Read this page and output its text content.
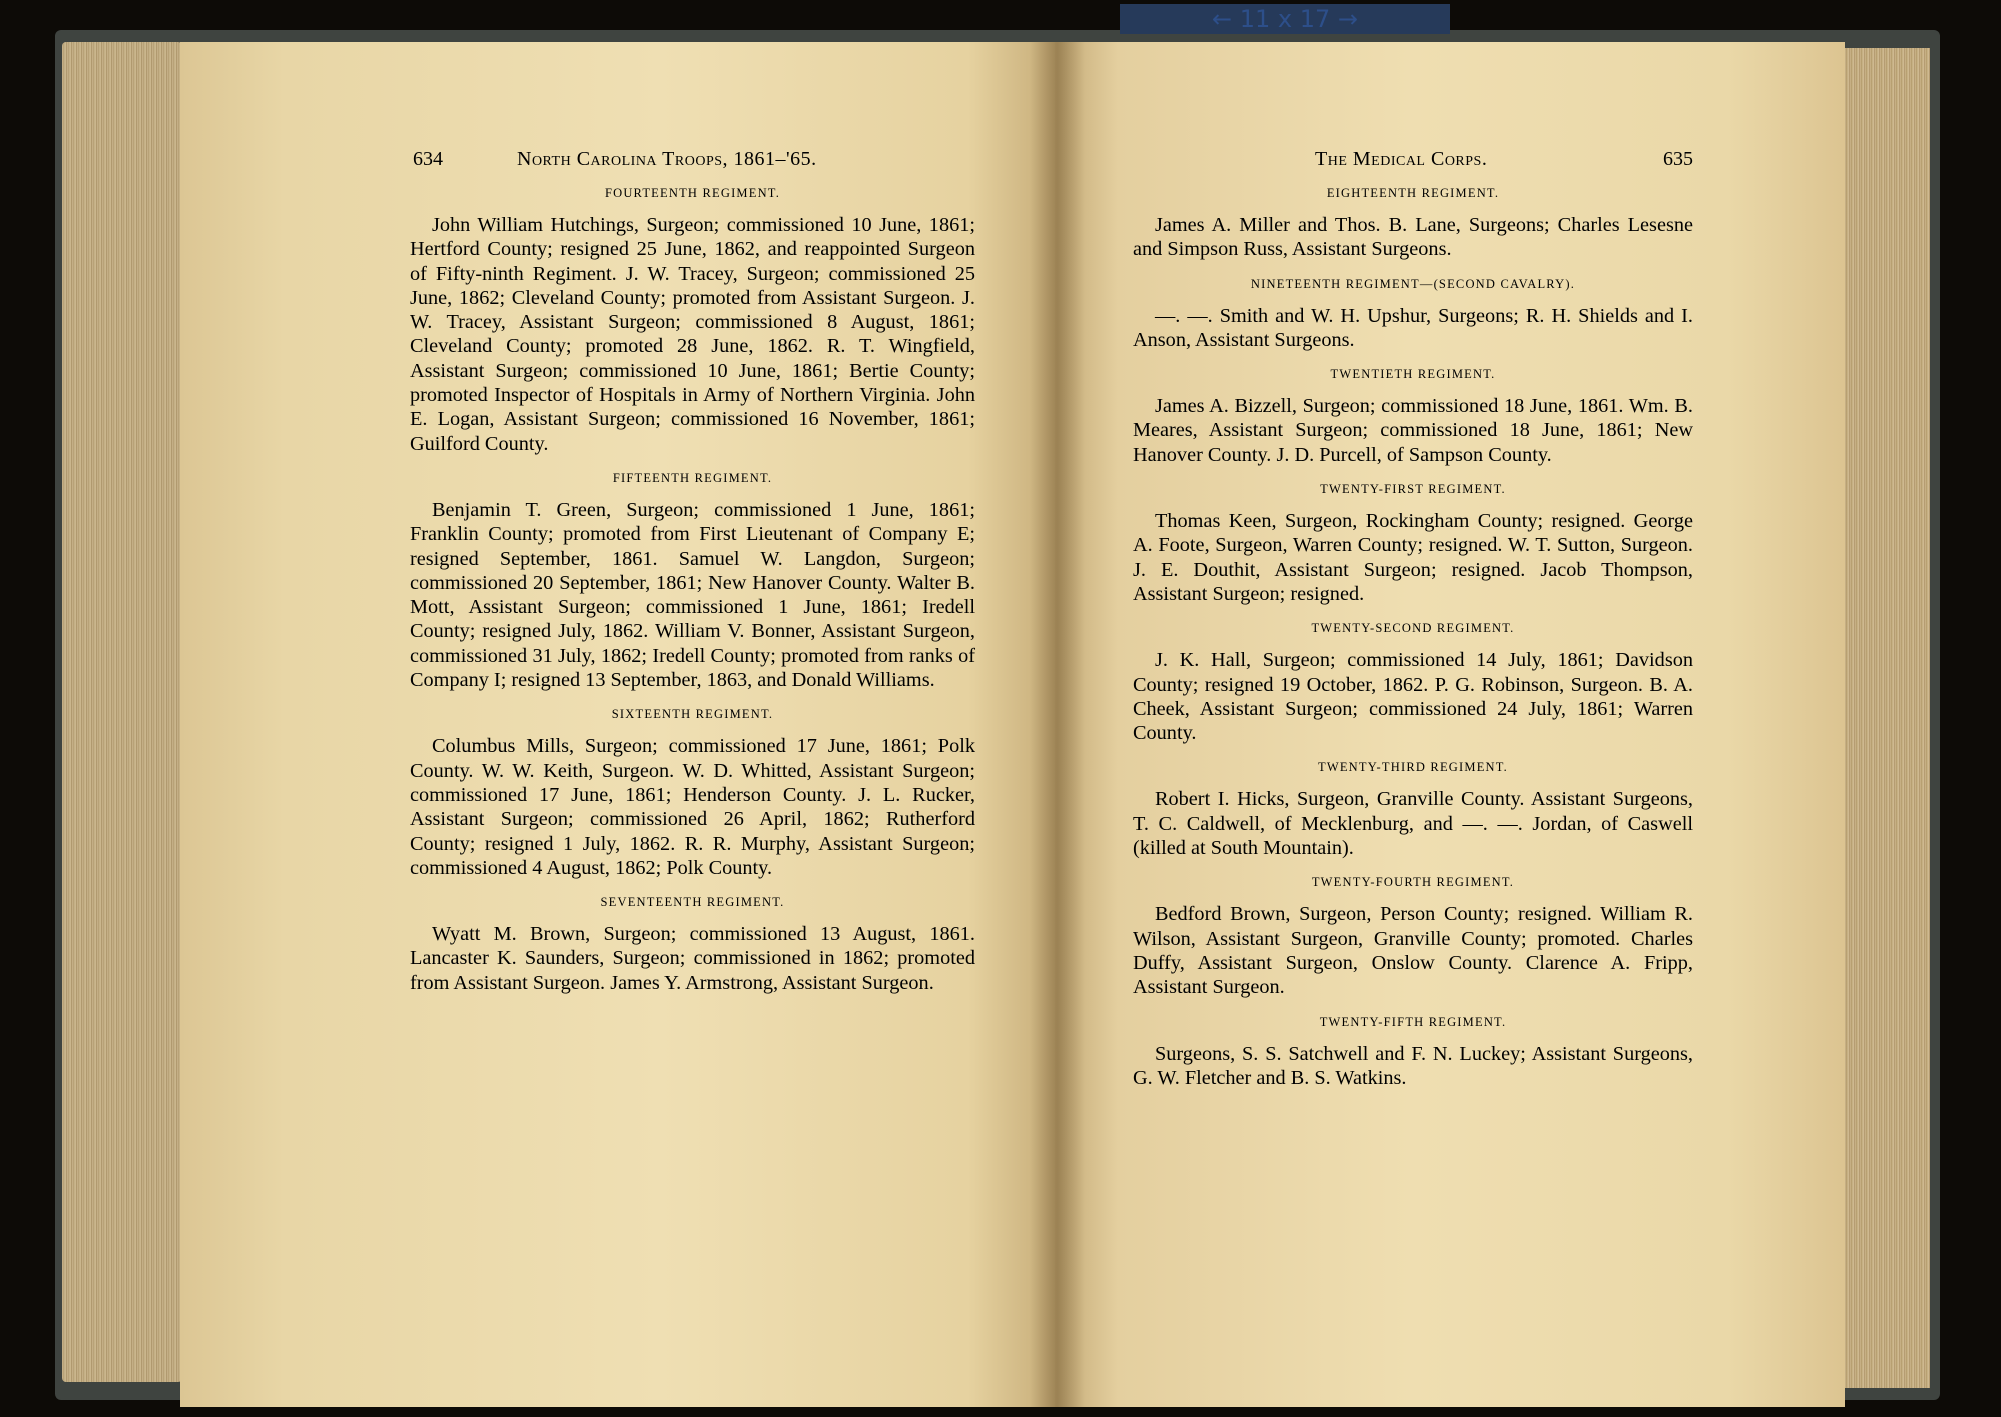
← 11 x 17 →
634	North Carolina Troops, 1861–'65.	The Medical Corps.	635
FOURTEENTH REGIMENT.
John William Hutchings, Surgeon; commissioned 10 June, 1861; Hertford County; resigned 25 June, 1862, and reappointed Surgeon of Fifty-ninth Regiment. J. W. Tracey, Surgeon; commissioned 25 June, 1862; Cleveland County; promoted from Assistant Surgeon. J. W. Tracey, Assistant Surgeon; commissioned 8 August, 1861; Cleveland County; promoted 28 June, 1862. R. T. Wingfield, Assistant Surgeon; commissioned 10 June, 1861; Bertie County; promoted Inspector of Hospitals in Army of Northern Virginia. John E. Logan, Assistant Surgeon; commissioned 16 November, 1861; Guilford County.
FIFTEENTH REGIMENT.
Benjamin T. Green, Surgeon; commissioned 1 June, 1861; Franklin County; promoted from First Lieutenant of Company E; resigned September, 1861. Samuel W. Langdon, Surgeon; commissioned 20 September, 1861; New Hanover County. Walter B. Mott, Assistant Surgeon; commissioned 1 June, 1861; Iredell County; resigned July, 1862. William V. Bonner, Assistant Surgeon, commissioned 31 July, 1862; Iredell County; promoted from ranks of Company I; resigned 13 September, 1863, and Donald Williams.
SIXTEENTH REGIMENT.
Columbus Mills, Surgeon; commissioned 17 June, 1861; Polk County. W. W. Keith, Surgeon. W. D. Whitted, Assistant Surgeon; commissioned 17 June, 1861; Henderson County. J. L. Rucker, Assistant Surgeon; commissioned 26 April, 1862; Rutherford County; resigned 1 July, 1862. R. R. Murphy, Assistant Surgeon; commissioned 4 August, 1862; Polk County.
SEVENTEENTH REGIMENT.
Wyatt M. Brown, Surgeon; commissioned 13 August, 1861. Lancaster K. Saunders, Surgeon; commissioned in 1862; promoted from Assistant Surgeon. James Y. Armstrong, Assistant Surgeon.
EIGHTEENTH REGIMENT.
James A. Miller and Thos. B. Lane, Surgeons; Charles Lesesne and Simpson Russ, Assistant Surgeons.
NINETEENTH REGIMENT—(SECOND CAVALRY).
—. —. Smith and W. H. Upshur, Surgeons; R. H. Shields and I. Anson, Assistant Surgeons.
TWENTIETH REGIMENT.
James A. Bizzell, Surgeon; commissioned 18 June, 1861. Wm. B. Meares, Assistant Surgeon; commissioned 18 June, 1861; New Hanover County. J. D. Purcell, of Sampson County.
TWENTY-FIRST REGIMENT.
Thomas Keen, Surgeon, Rockingham County; resigned. George A. Foote, Surgeon, Warren County; resigned. W. T. Sutton, Surgeon. J. E. Douthit, Assistant Surgeon; resigned. Jacob Thompson, Assistant Surgeon; resigned.
TWENTY-SECOND REGIMENT.
J. K. Hall, Surgeon; commissioned 14 July, 1861; Davidson County; resigned 19 October, 1862. P. G. Robinson, Surgeon. B. A. Cheek, Assistant Surgeon; commissioned 24 July, 1861; Warren County.
TWENTY-THIRD REGIMENT.
Robert I. Hicks, Surgeon, Granville County. Assistant Surgeons, T. C. Caldwell, of Mecklenburg, and —. —. Jordan, of Caswell (killed at South Mountain).
TWENTY-FOURTH REGIMENT.
Bedford Brown, Surgeon, Person County; resigned. William R. Wilson, Assistant Surgeon, Granville County; promoted. Charles Duffy, Assistant Surgeon, Onslow County. Clarence A. Fripp, Assistant Surgeon.
TWENTY-FIFTH REGIMENT.
Surgeons, S. S. Satchwell and F. N. Luckey; Assistant Surgeons, G. W. Fletcher and B. S. Watkins.
